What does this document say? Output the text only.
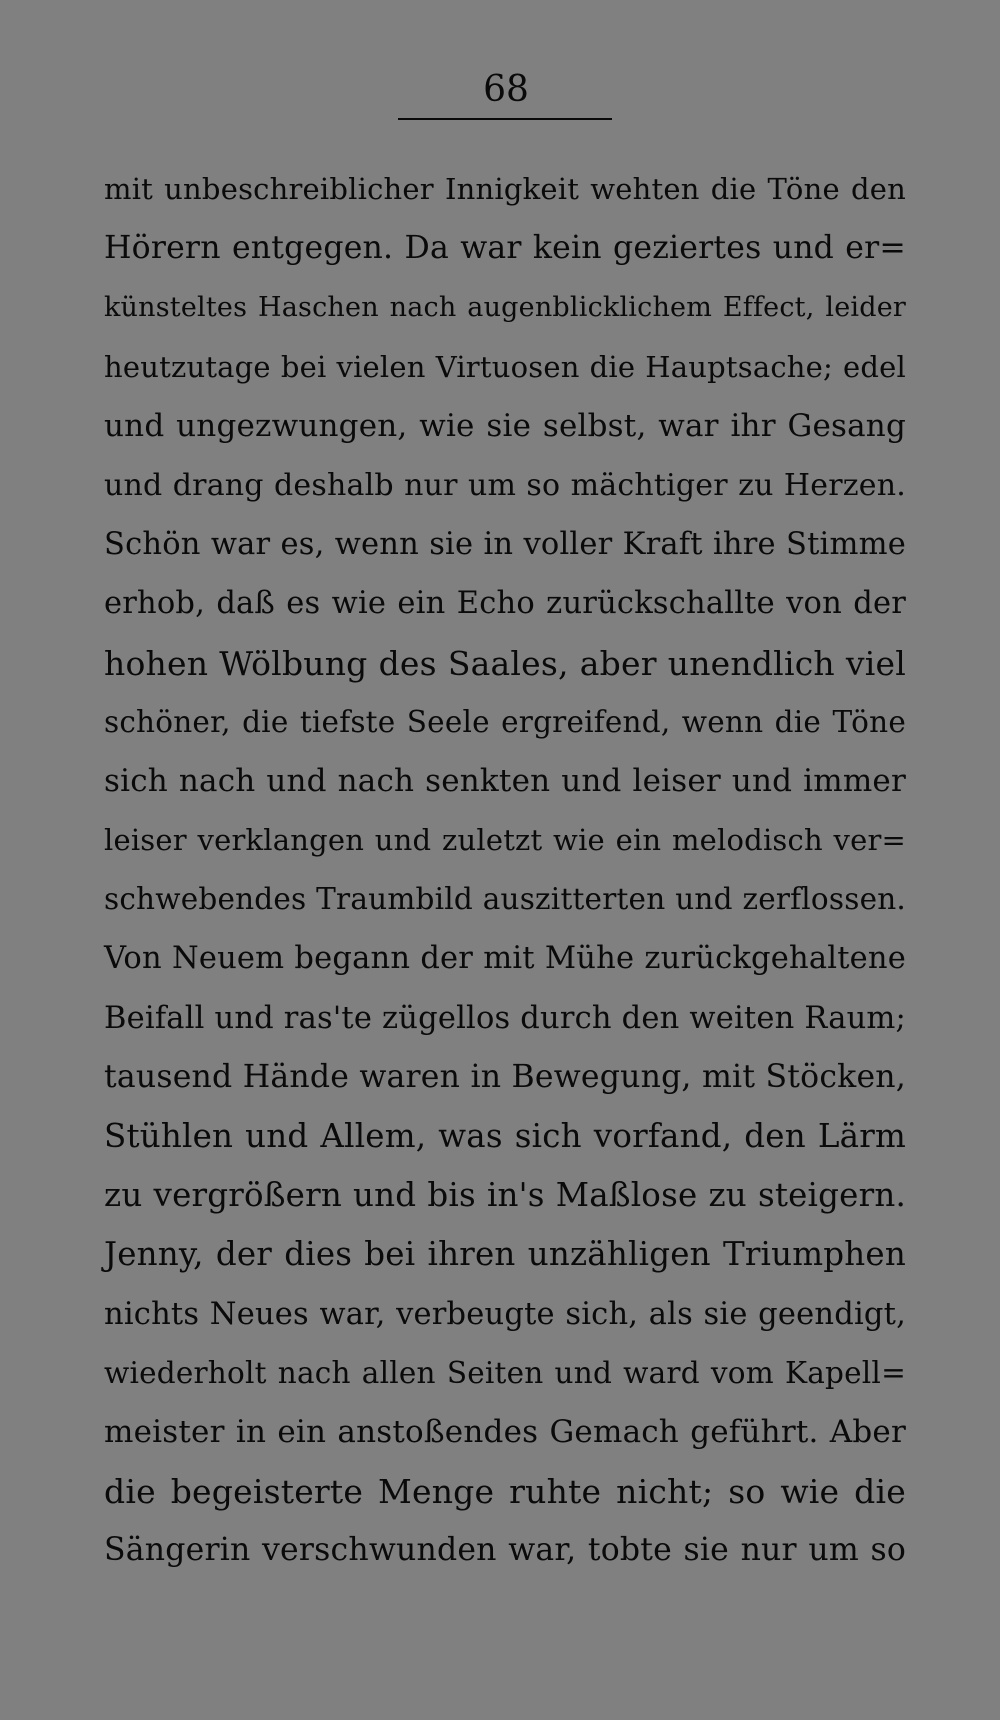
68
mit unbeschreiblicher Innigkeit wehten die Töne den
Hörern entgegen. Da war kein geziertes und er=
künsteltes Haschen nach augenblicklichem Effect, leider
heutzutage bei vielen Virtuosen die Hauptsache; edel
und ungezwungen, wie sie selbst, war ihr Gesang
und drang deshalb nur um so mächtiger zu Herzen.
Schön war es, wenn sie in voller Kraft ihre Stimme
erhob, daß es wie ein Echo zurückschallte von der
hohen Wölbung des Saales, aber unendlich viel
schöner, die tiefste Seele ergreifend, wenn die Töne
sich nach und nach senkten und leiser und immer
leiser verklangen und zuletzt wie ein melodisch ver=
schwebendes Traumbild auszitterten und zerflossen.
Von Neuem begann der mit Mühe zurückgehaltene
Beifall und ras'te zügellos durch den weiten Raum;
tausend Hände waren in Bewegung, mit Stöcken,
Stühlen und Allem, was sich vorfand, den Lärm
zu vergrößern und bis in's Maßlose zu steigern.
Jenny, der dies bei ihren unzähligen Triumphen
nichts Neues war, verbeugte sich, als sie geendigt,
wiederholt nach allen Seiten und ward vom Kapell=
meister in ein anstoßendes Gemach geführt. Aber
die begeisterte Menge ruhte nicht; so wie die
Sängerin verschwunden war, tobte sie nur um so
